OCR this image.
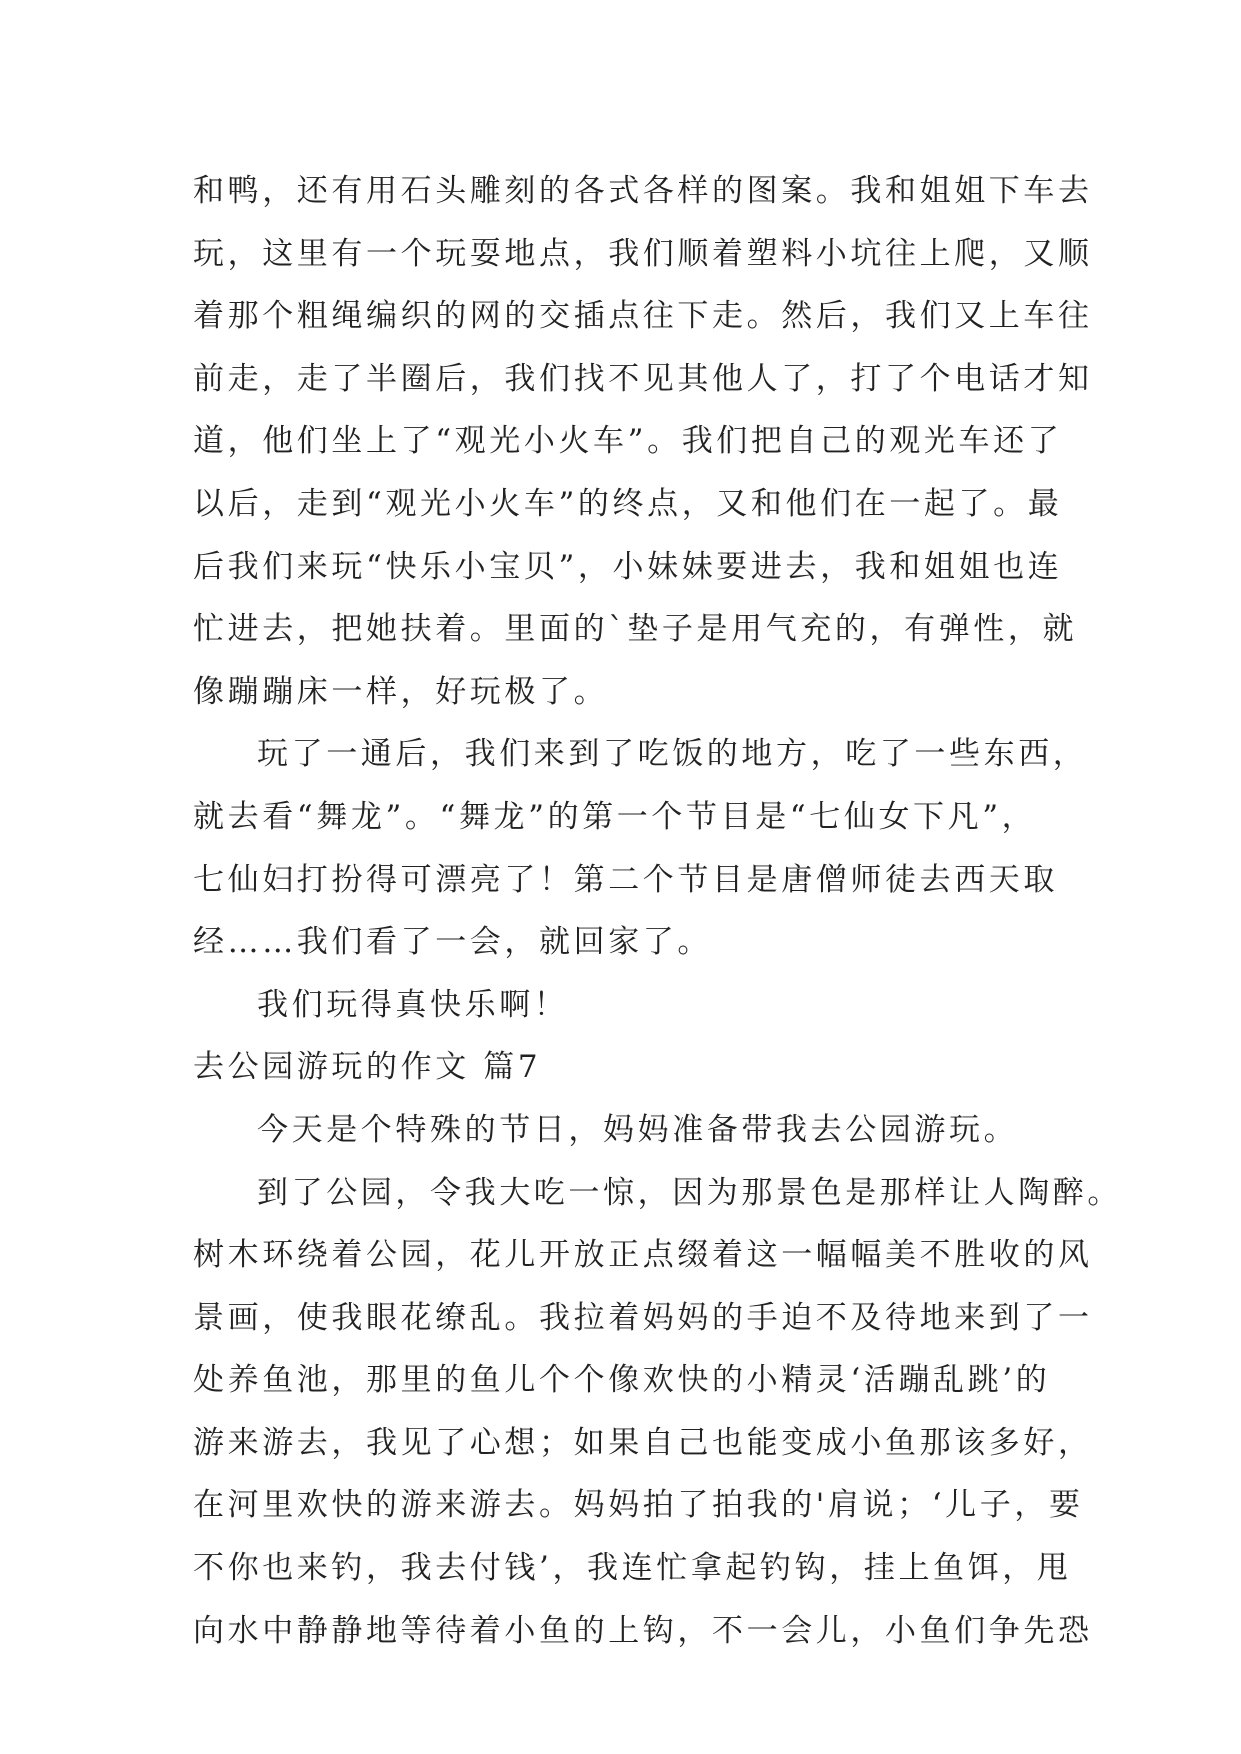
和鸭，还有用石头雕刻的各式各样的图案。我和姐姐下车去
玩，这里有一个玩耍地点，我们顺着塑料小坑往上爬，又顺
着那个粗绳编织的网的交插点往下走。然后，我们又上车往
前走，走了半圈后，我们找不见其他人了，打了个电话才知
道，他们坐上了“观光小火车”。我们把自己的观光车还了
以后，走到“观光小火车”的终点，又和他们在一起了。最
后我们来玩“快乐小宝贝”，小妹妹要进去，我和姐姐也连
忙进去，把她扶着。里面的`垫子是用气充的，有弹性，就
像蹦蹦床一样，好玩极了。
玩了一通后，我们来到了吃饭的地方，吃了一些东西，
就去看“舞龙”。“舞龙”的第一个节目是“七仙女下凡”，
七仙妇打扮得可漂亮了！第二个节目是唐僧师徒去西天取
经……我们看了一会，就回家了。
我们玩得真快乐啊！
去公园游玩的作文 篇7
今天是个特殊的节日，妈妈准备带我去公园游玩。
到了公园，令我大吃一惊，因为那景色是那样让人陶醉。
树木环绕着公园，花儿开放正点缀着这一幅幅美不胜收的风
景画，使我眼花缭乱。我拉着妈妈的手迫不及待地来到了一
处养鱼池，那里的鱼儿个个像欢快的小精灵‘活蹦乱跳’的
游来游去，我见了心想；如果自己也能变成小鱼那该多好，
在河里欢快的游来游去。妈妈拍了拍我的'肩说；‘儿子，要
不你也来钓，我去付钱’，我连忙拿起钓钩，挂上鱼饵，甩
向水中静静地等待着小鱼的上钩，不一会儿，小鱼们争先恐
